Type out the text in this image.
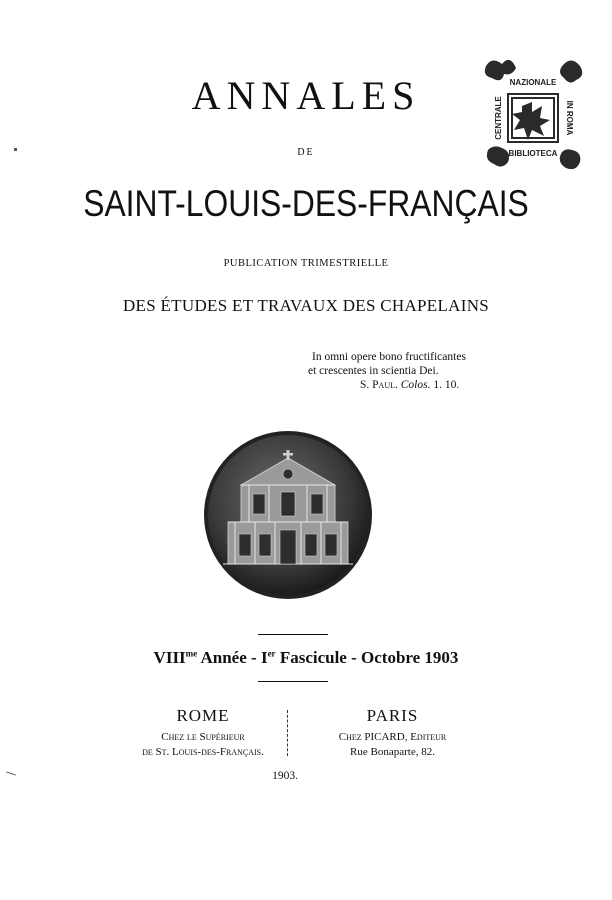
ANNALES
DE
SAINT-LOUIS-DES-FRANÇAIS
PUBLICATION TRIMESTRIELLE
DES ÉTUDES ET TRAVAUX DES CHAPELAINS
In omni opere bono fructificantes
et crescentes in scientia Dei.
S. Paul. Colos. 1. 10.
$VIII^{me}$ Année - Ier Fascicule - Octobre 1903
ROME
Chez le Supérieur
de St. Louis-des-Français.
PARIS
Chez PICARD, Editeur
Rue Bonaparte, 82.
1903.
NAZIONALE
BIBLIOTECA
CENTRALE	IN ROMA
